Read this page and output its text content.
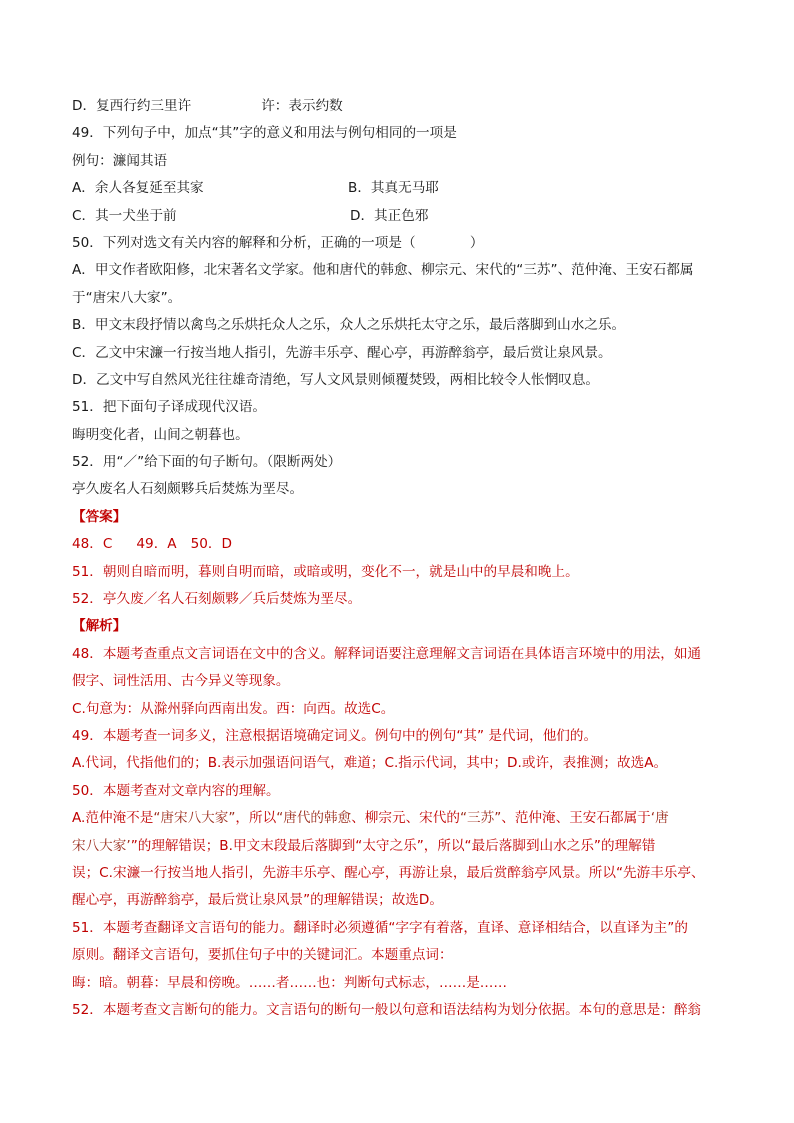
D．复西行约三里许	许：表示约数
49．下列句子中，加点“其”字的意义和用法与例句相同的一项是
例句：濂闻其语
A．余人各复延至其家	B．其真无马耶
C．其一犬坐于前	D．其正色邪
50．下列对选文有关内容的解释和分析，正确的一项是（　　　　）
A．甲文作者欧阳修，北宋著名文学家。他和唐代的韩愈、柳宗元、宋代的“三苏”、范仲淹、王安石都属
于“唐宋八大家”。
B．甲文末段抒情以禽鸟之乐烘托众人之乐，众人之乐烘托太守之乐，最后落脚到山水之乐。
C．乙文中宋濂一行按当地人指引，先游丰乐亭、醒心亭，再游醉翁亭，最后赏让泉风景。
D．乙文中写自然风光往往雄奇清绝，写人文风景则倾覆焚毁，两相比较令人怅惘叹息。
51．把下面句子译成现代汉语。
晦明变化者，山间之朝暮也。
52．用“／”给下面的句子断句。（限断两处）
亭久废名人石刻颇夥兵后焚炼为垩尽。
【答案】
48．C 49．A 50．D
51．朝则自暗而明，暮则自明而暗，或暗或明，变化不一，就是山中的早晨和晚上。
52．亭久废／名人石刻颇夥／兵后焚炼为垩尽。
【解析】
48．本题考查重点文言词语在文中的含义。解释词语要注意理解文言词语在具体语言环境中的用法，如通
假字、词性活用、古今异义等现象。
C.句意为：从滁州驿向西南出发。西：向西。故选C。
49．本题考查一词多义，注意根据语境确定词义。例句中的例句“其” 是代词，他们的。
A.代词，代指他们的；B.表示加强语问语气，难道；C.指示代词，其中；D.或许，表推测；故选A。
50．本题考查对文章内容的理解。
A.范仲淹不是“唐宋八大家”，所以“唐代的韩愈、柳宗元、宋代的“三苏”、范仲淹、王安石都属于‘唐
宋八大家’”的理解错误；B.甲文末段最后落脚到“太守之乐”，所以“最后落脚到山水之乐”的理解错
误；C.宋濂一行按当地人指引，先游丰乐亭、醒心亭，再游让泉，最后赏醉翁亭风景。所以“先游丰乐亭、
醒心亭，再游醉翁亭，最后赏让泉风景”的理解错误；故选D。
51．本题考查翻译文言语句的能力。翻译时必须遵循“字字有着落，直译、意译相结合，以直译为主”的
原则。翻译文言语句，要抓住句子中的关键词汇。本题重点词：
晦：暗。朝暮：早晨和傍晚。……者……也：判断句式标志，……是……
52．本题考查文言断句的能力。文言语句的断句一般以句意和语法结构为划分依据。本句的意思是：醉翁
